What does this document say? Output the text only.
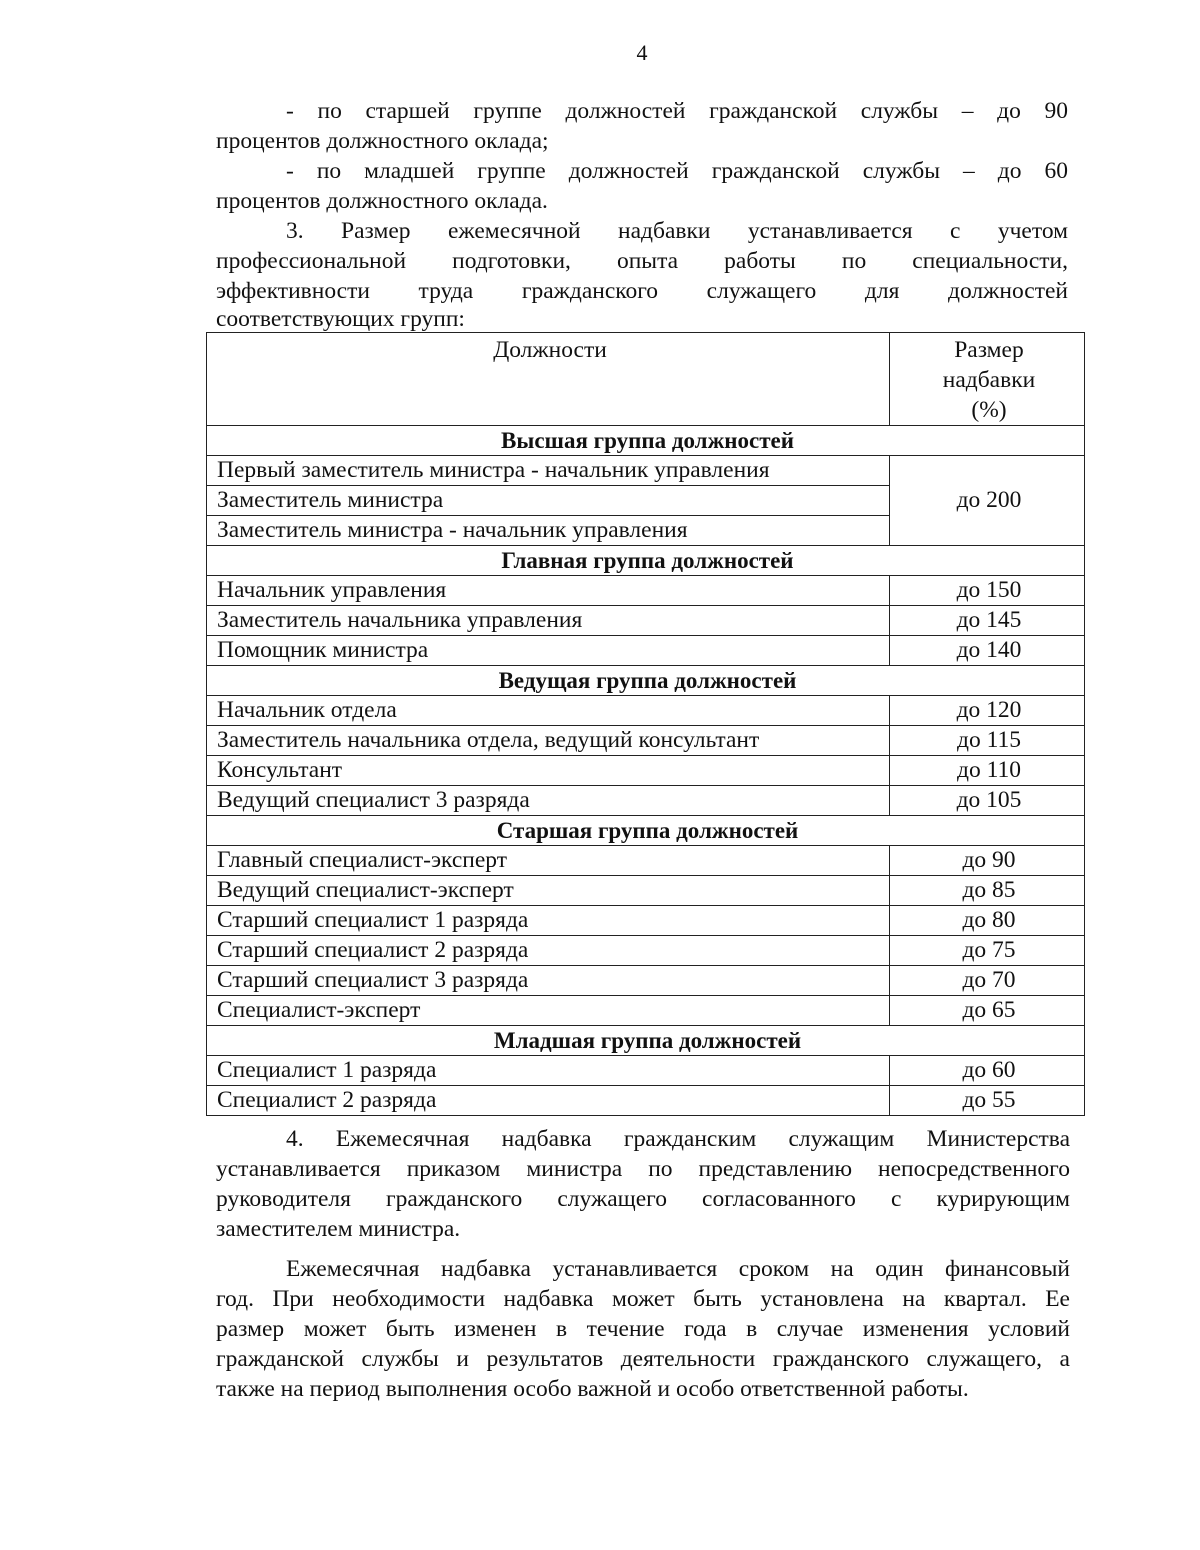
4
- по старшей группе должностей гражданской службы – до 90
процентов должностного оклада;
- по младшей группе должностей гражданской службы – до 60
процентов должностного оклада.
3. Размер ежемесячной надбавки устанавливается с учетом
профессиональной подготовки, опыта работы по специальности,
эффективности труда гражданского служащего для должностей
соответствующих групп:
Должности	Размер
надбавки
(%)

Высшая группа должностей	
Первый заместитель министра - начальник управления	до 200
Заместитель министра	
Заместитель министра - начальник управления	
Главная группа должностей	
Начальник управления	до 150
Заместитель начальника управления	до 145
Помощник министра	до 140
Ведущая группа должностей	
Начальник отдела	до 120
Заместитель начальника отдела, ведущий консультант	до 115
Консультант	до 110
Ведущий специалист 3 разряда	до 105
Старшая группа должностей	
Главный специалист-эксперт	до 90
Ведущий специалист-эксперт	до 85
Старший специалист 1 разряда	до 80
Старший специалист 2 разряда	до 75
Старший специалист 3 разряда	до 70
Специалист-эксперт	до 65
Младшая группа должностей	
Специалист 1 разряда	до 60
Специалист 2 разряда	до 55
4. Ежемесячная надбавка гражданским служащим Министерства
устанавливается приказом министра по представлению непосредственного
руководителя гражданского служащего согласованного с курирующим
заместителем министра.
Ежемесячная надбавка устанавливается сроком на один финансовый
год. При необходимости надбавка может быть установлена на квартал. Ее
размер может быть изменен в течение года в случае изменения условий
гражданской службы и результатов деятельности гражданского служащего, а
также на период выполнения особо важной и особо ответственной работы.
